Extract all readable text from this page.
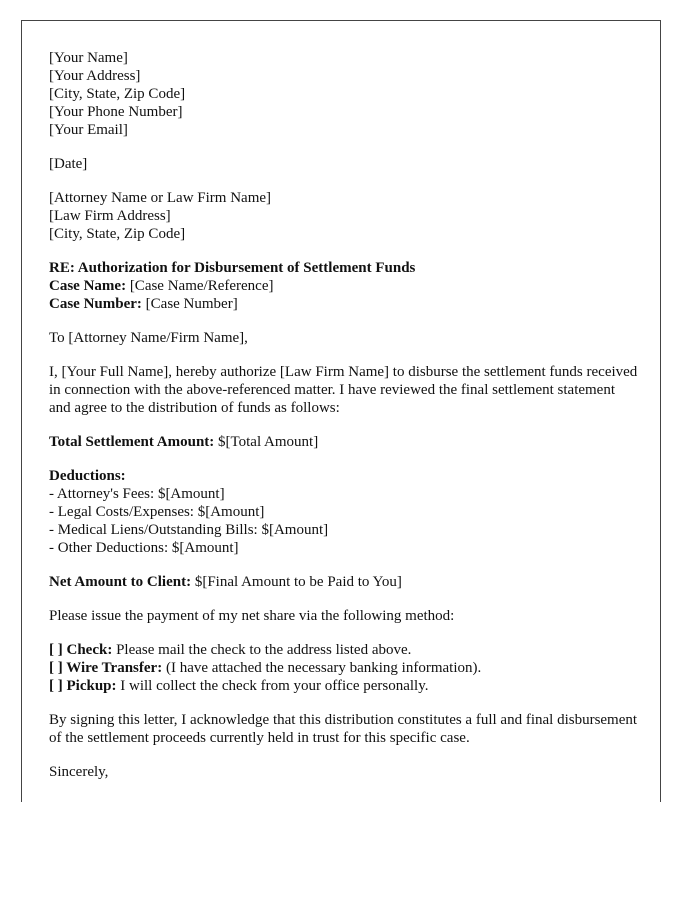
[Your Name]
[Your Address]
[City, State, Zip Code]
[Your Phone Number]
[Your Email]
[Date]
[Attorney Name or Law Firm Name]
[Law Firm Address]
[City, State, Zip Code]
RE: Authorization for Disbursement of Settlement Funds
Case Name: [Case Name/Reference]
Case Number: [Case Number]
To [Attorney Name/Firm Name],
I, [Your Full Name], hereby authorize [Law Firm Name] to disburse the settlement funds received in connection with the above-referenced matter. I have reviewed the final settlement statement and agree to the distribution of funds as follows:
Total Settlement Amount: $[Total Amount]
Deductions:
- Attorney's Fees: $[Amount]
- Legal Costs/Expenses: $[Amount]
- Medical Liens/Outstanding Bills: $[Amount]
- Other Deductions: $[Amount]
Net Amount to Client: $[Final Amount to be Paid to You]
Please issue the payment of my net share via the following method:
[ ] Check: Please mail the check to the address listed above.
[ ] Wire Transfer: (I have attached the necessary banking information).
[ ] Pickup: I will collect the check from your office personally.
By signing this letter, I acknowledge that this distribution constitutes a full and final disbursement of the settlement proceeds currently held in trust for this specific case.
Sincerely,
